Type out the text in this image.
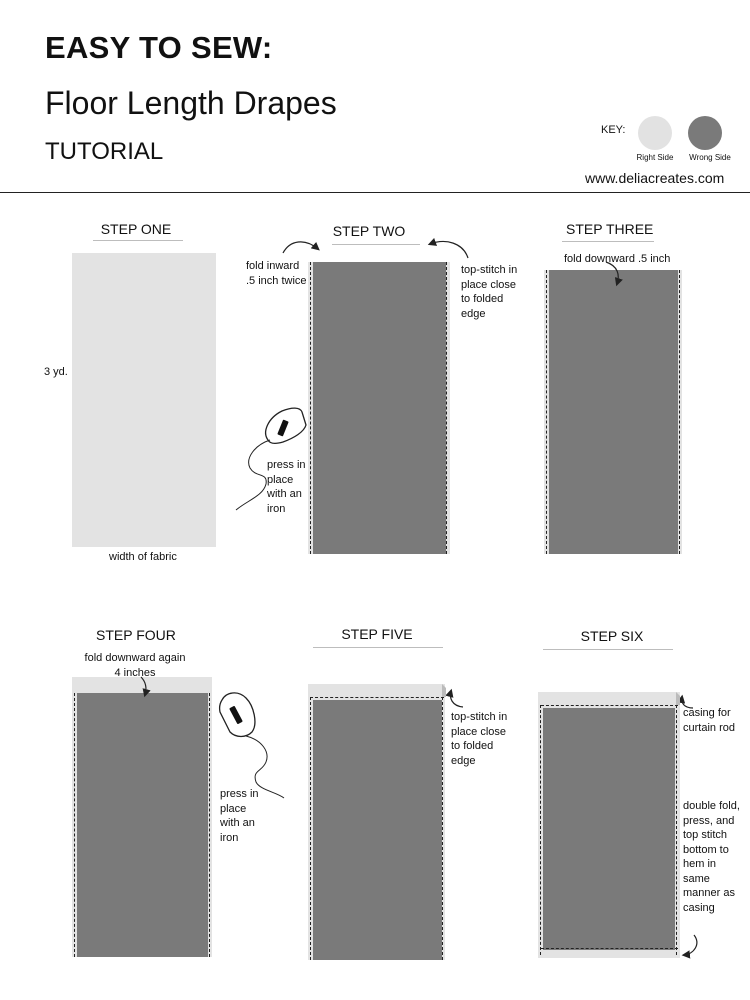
EASY TO SEW:
Floor Length Drapes
TUTORIAL
KEY:
Right Side	Wrong Side
www.deliacreates.com
STEP ONE
3 yd.
width of fabric
STEP TWO
fold inward .5 inch twice
top-stitch in place close to folded edge
press in place with an iron
STEP THREE
fold downward .5 inch
STEP FOUR
fold downward again
4 inches
press in place with an iron
STEP FIVE
top-stitch in place close to folded edge
STEP SIX
casing for curtain rod
double fold, press, and top stitch bottom to hem in same manner as casing
